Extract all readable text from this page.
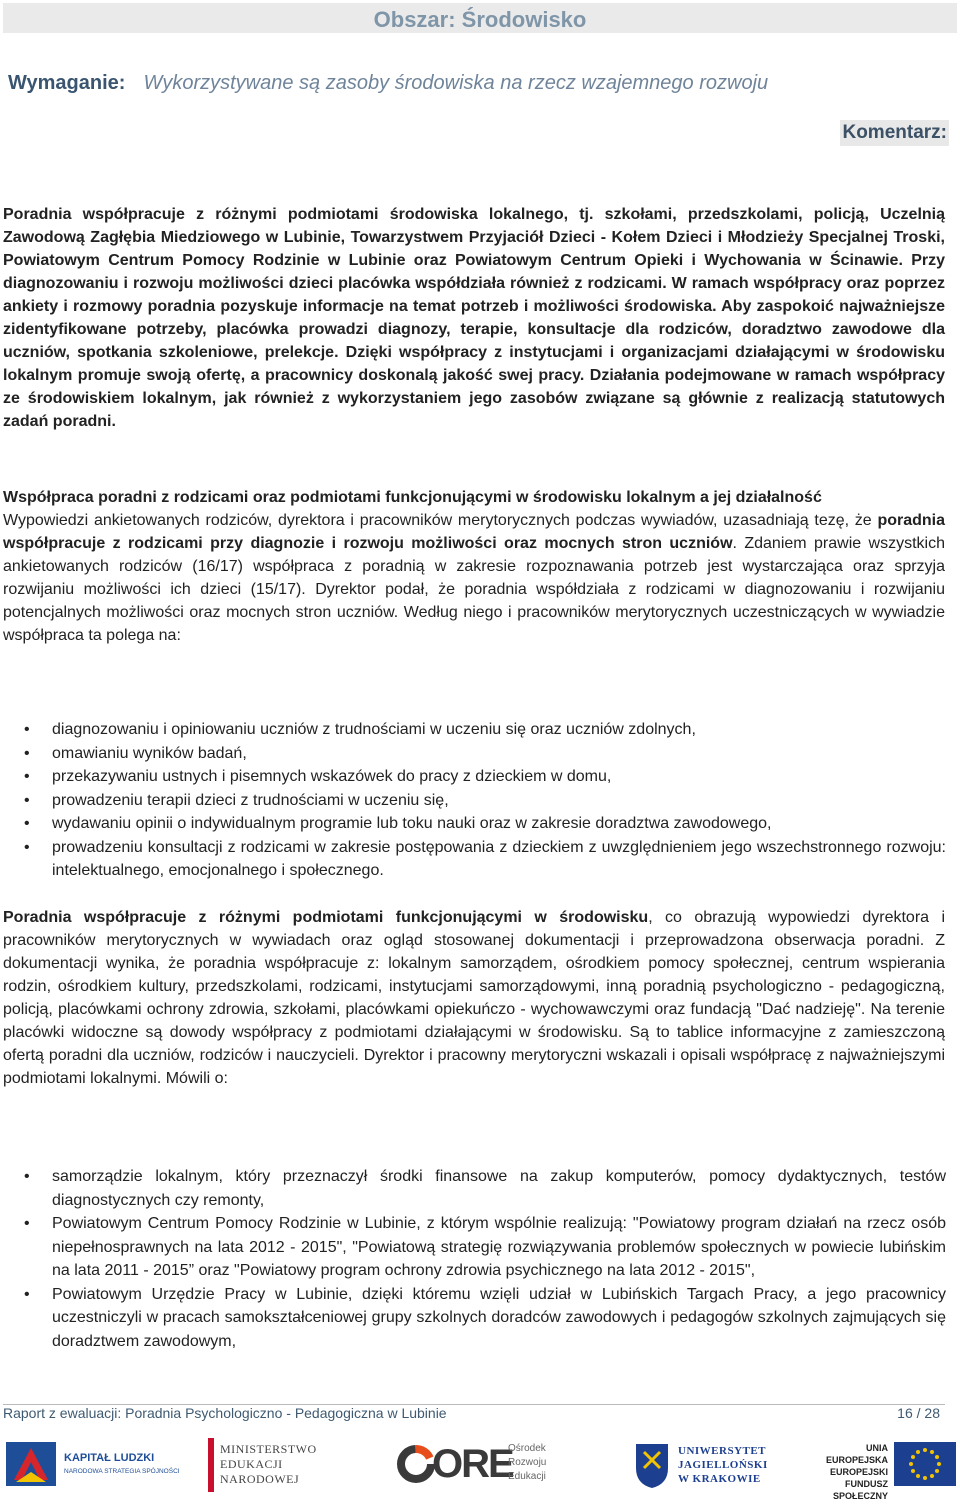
Obszar: Środowisko
Wymaganie: Wykorzystywane są zasoby środowiska na rzecz wzajemnego rozwoju
Komentarz:
Poradnia współpracuje z różnymi podmiotami środowiska lokalnego, tj. szkołami, przedszkolami, policją, Uczelnią Zawodową Zagłębia Miedziowego w Lubinie, Towarzystwem Przyjaciół Dzieci - Kołem Dzieci i Młodzieży Specjalnej Troski, Powiatowym Centrum Pomocy Rodzinie w Lubinie oraz Powiatowym Centrum Opieki i Wychowania w Ścinawie. Przy diagnozowaniu i rozwoju możliwości dzieci placówka współdziała również z rodzicami. W ramach współpracy oraz poprzez ankiety i rozmowy poradnia pozyskuje informacje na temat potrzeb i możliwości środowiska. Aby zaspokoić najważniejsze zidentyfikowane potrzeby, placówka prowadzi diagnozy, terapie, konsultacje dla rodziców, doradztwo zawodowe dla uczniów, spotkania szkoleniowe, prelekcje. Dzięki współpracy z instytucjami i organizacjami działającymi w środowisku lokalnym promuje swoją ofertę, a pracownicy doskonalą jakość swej pracy. Działania podejmowane w ramach współpracy ze środowiskiem lokalnym, jak również z wykorzystaniem jego zasobów związane są głównie z realizacją statutowych zadań poradni.
Współpraca poradni z rodzicami oraz podmiotami funkcjonującymi w środowisku lokalnym a jej działalność
Wypowiedzi ankietowanych rodziców, dyrektora i pracowników merytorycznych podczas wywiadów, uzasadniają tezę, że poradnia współpracuje z rodzicami przy diagnozie i rozwoju możliwości oraz mocnych stron uczniów. Zdaniem prawie wszystkich ankietowanych rodziców (16/17) współpraca z poradnią w zakresie rozpoznawania potrzeb jest wystarczająca oraz sprzyja rozwijaniu możliwości ich dzieci (15/17). Dyrektor podał, że poradnia współdziała z rodzicami w diagnozowaniu i rozwijaniu potencjalnych możliwości oraz mocnych stron uczniów. Według niego i pracowników merytorycznych uczestniczących w wywiadzie współpraca ta polega na:
• diagnozowaniu i opiniowaniu uczniów z trudnościami w uczeniu się oraz uczniów zdolnych,
• omawianiu wyników badań,
• przekazywaniu ustnych i pisemnych wskazówek do pracy z dzieckiem w domu,
• prowadzeniu terapii dzieci z trudnościami w uczeniu się,
• wydawaniu opinii o indywidualnym programie lub toku nauki oraz w zakresie doradztwa zawodowego,
• prowadzeniu konsultacji z rodzicami w zakresie postępowania z dzieckiem z uwzględnieniem jego wszechstronnego rozwoju: intelektualnego, emocjonalnego i społecznego.
Poradnia współpracuje z różnymi podmiotami funkcjonującymi w środowisku, co obrazują wypowiedzi dyrektora i pracowników merytorycznych w wywiadach oraz ogląd stosowanej dokumentacji i przeprowadzona obserwacja poradni. Z dokumentacji wynika, że poradnia współpracuje z: lokalnym samorządem, ośrodkiem pomocy społecznej, centrum wspierania rodzin, ośrodkiem kultury, przedszkolami, rodzicami, instytucjami samorządowymi, inną poradnią psychologiczno - pedagogiczną, policją, placówkami ochrony zdrowia, szkołami, placówkami opiekuńczo - wychowawczymi oraz fundacją "Dać nadzieję". Na terenie placówki widoczne są dowody współpracy z podmiotami działającymi w środowisku. Są to tablice informacyjne z zamieszczoną ofertą poradni dla uczniów, rodziców i nauczycieli. Dyrektor i pracowny merytoryczni wskazali i opisali współpracę z najważniejszymi podmiotami lokalnymi. Mówili o:
• samorządzie lokalnym, który przeznaczył środki finansowe na zakup komputerów, pomocy dydaktycznych, testów diagnostycznych czy remonty,
• Powiatowym Centrum Pomocy Rodzinie w Lubinie, z którym wspólnie realizują: "Powiatowy program działań na rzecz osób niepełnosprawnych na lata 2012 - 2015", "Powiatową strategię rozwiązywania problemów społecznych w powiecie lubińskim na lata 2011 - 2015” oraz "Powiatowy program ochrony zdrowia psychicznego na lata 2012 - 2015",
• Powiatowym Urzędzie Pracy w Lubinie, dzięki któremu wzięli udział w Lubińskich Targach Pracy, a jego pracownicy uczestniczyli w pracach samokształceniowej grupy szkolnych doradców zawodowych i pedagogów szkolnych zajmujących się doradztwem zawodowym,
Raport z ewaluacji: Poradnia Psychologiczno - Pedagogiczna w Lubinie	16 / 28
KAPITAŁ LUDZKI
NARODOWA STRATEGIA SPÓJNOŚCI
MINISTERSTWO
EDUKACJI
NARODOWEJ	ORE
Ośrodek
Rozwoju
Edukacji
UNIWERSYTET
JAGIELLOŃSKI
W KRAKOWIE
UNIA EUROPEJSKA
EUROPEJSKI
FUNDUSZ SPOŁECZNY
